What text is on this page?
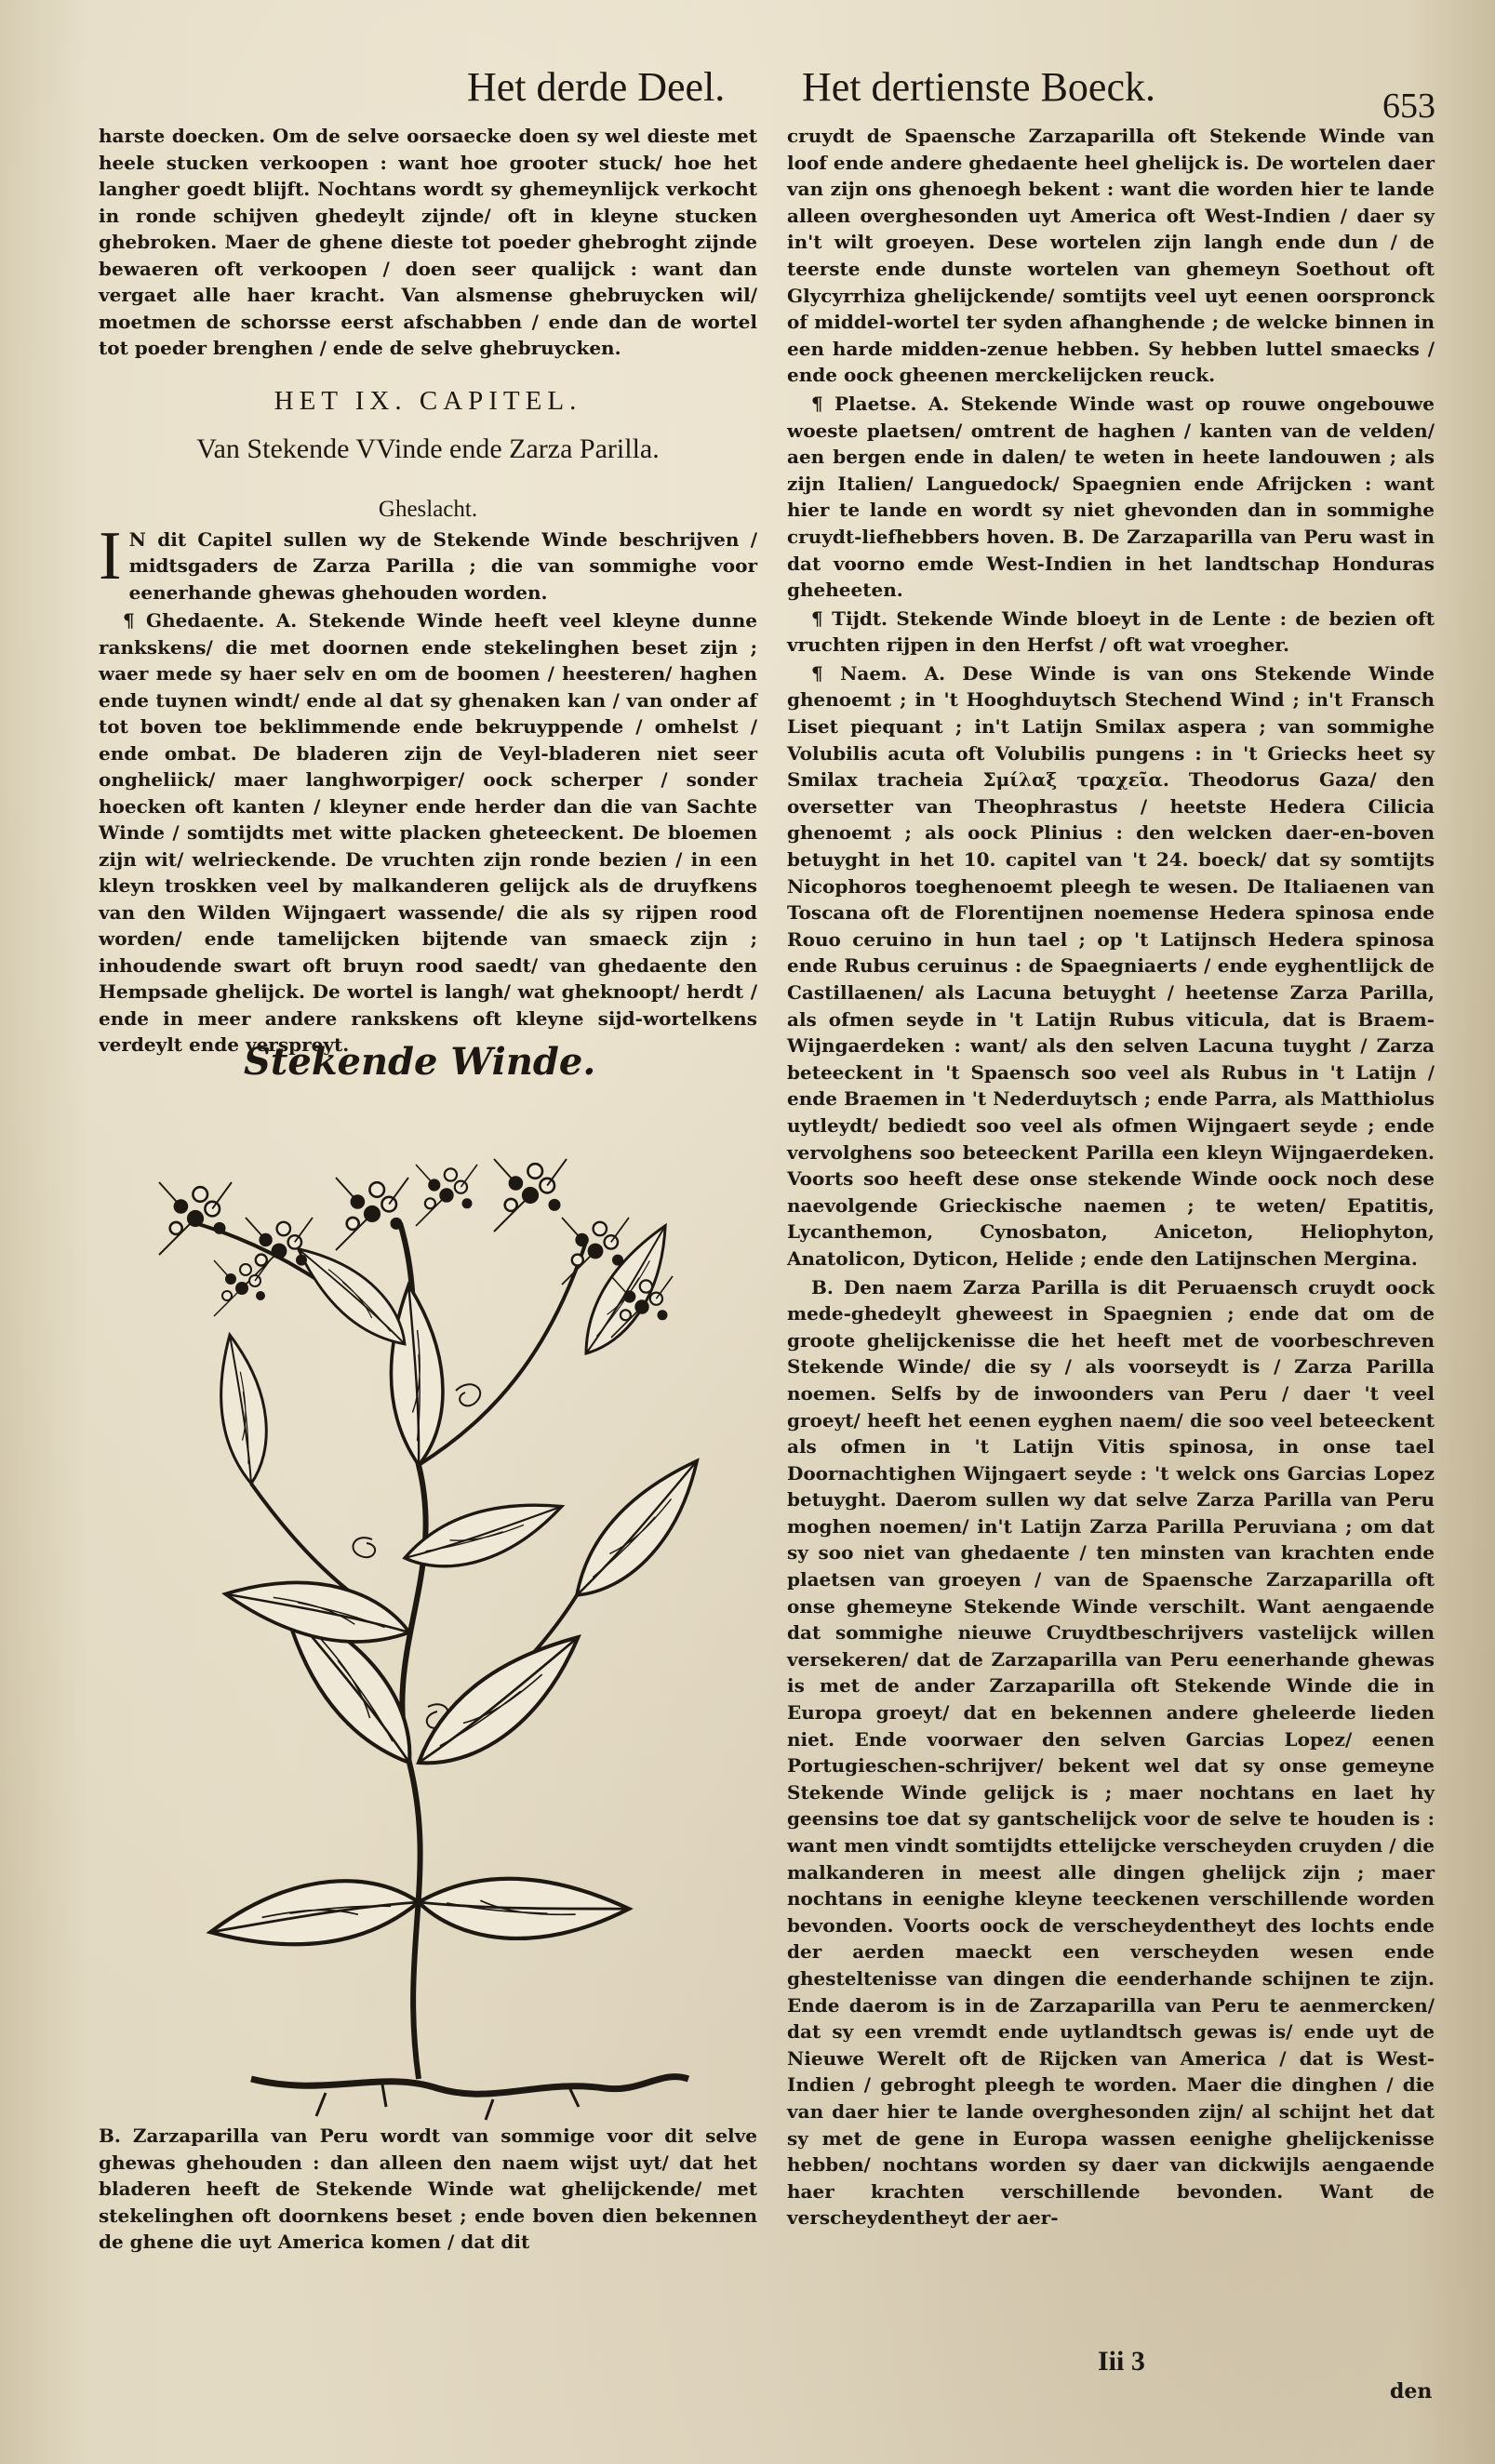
Het derde Deel. Het dertienste Boeck.	653

harste doecken. Om de selve oorsaecke doen sy wel dieste met heele stucken verkoopen : want hoe grooter stuck/ hoe het langher goedt blijft. Nochtans wordt sy ghemeynlijck verkocht in ronde schijven ghedeylt zijnde/ oft in kleyne stucken ghebroken. Maer de ghene dieste tot poeder ghebroght zijnde bewaeren oft verkoopen / doen seer qualijck : want dan vergaet alle haer kracht. Van alsmense ghebruycken wil/ moetmen de schorsse eerst afschabben / ende dan de wortel tot poeder brenghen / ende de selve ghebruycken.

HET IX. CAPITEL.
Van Stekende VVinde ende Zarza Parilla.
Gheslacht.
I N dit Capitel sullen wy de Stekende Winde beschrijven / midtsgaders de Zarza Parilla ; die van sommighe voor eenerhande ghewas ghehouden worden.

¶ Ghedaente. A. Stekende Winde heeft veel kleyne dunne rankskens/ die met doornen ende stekelinghen beset zijn ; waer mede sy haer selv en om de boomen / heesteren/ haghen ende tuynen windt/ ende al dat sy ghenaken kan / van onder af tot boven toe beklimmende ende bekruyppende / omhelst / ende ombat. De bladeren zijn de Veyl-bladeren niet seer ongheliick/ maer langhworpiger/ oock scherper / sonder hoecken oft kanten / kleyner ende herder dan die van Sachte Winde / somtijdts met witte placken gheteeckent. De bloemen zijn wit/ welrieckende. De vruchten zijn ronde bezien / in een kleyn troskken veel by malkanderen gelijck als de druyfkens van den Wilden Wijngaert wassende/ die als sy rijpen rood worden/ ende tamelijcken bijtende van smaeck zijn ; inhoudende swart oft bruyn rood saedt/ van ghedaente den Hempsade ghelijck. De wortel is langh/ wat gheknoopt/ herdt / ende in meer andere rankskens oft kleyne sijd-wortelkens verdeylt ende verspreyt.

Stekende Winde.

B. Zarzaparilla van Peru wordt van sommige voor dit selve ghewas ghehouden : dan alleen den naem wijst uyt/ dat het bladeren heeft de Stekende Winde wat ghelijckende/ met stekelinghen oft doornkens beset ; ende boven dien bekennen de ghene die uyt America komen / dat dit

cruydt de Spaensche Zarzaparilla oft Stekende Winde van loof ende andere ghedaente heel ghelijck is. De wortelen daer van zijn ons ghenoegh bekent : want die worden hier te lande alleen overghesonden uyt America oft West-Indien / daer sy in't wilt groeyen. Dese wortelen zijn langh ende dun / de teerste ende dunste wortelen van ghemeyn Soethout oft Glycyrrhiza ghelijckende/ somtijts veel uyt eenen oorspronck of middel-wortel ter syden afhanghende ; de welcke binnen in een harde midden-zenue hebben. Sy hebben luttel smaecks / ende oock gheenen merckelijcken reuck.

¶ Plaetse. A. Stekende Winde wast op rouwe ongebouwe woeste plaetsen/ omtrent de haghen / kanten van de velden/ aen bergen ende in dalen/ te weten in heete landouwen ; als zijn Italien/ Languedock/ Spaegnien ende Afrijcken : want hier te lande en wordt sy niet ghevonden dan in sommighe cruydt-liefhebbers hoven. B. De Zarzaparilla van Peru wast in dat voorno emde West-Indien in het landtschap Honduras gheheeten.

¶ Tijdt. Stekende Winde bloeyt in de Lente : de bezien oft vruchten rijpen in den Herfst / oft wat vroegher.

¶ Naem. A. Dese Winde is van ons Stekende Winde ghenoemt ; in 't Hooghduytsch Stechend Wind ; in't Fransch Liset piequant ; in't Latijn Smilax aspera ; van sommighe Volubilis acuta oft Volubilis pungens : in 't Griecks heet sy Smilax tracheia Σμίλαξ τραχεῖα. Theodorus Gaza/ den oversetter van Theophrastus / heetste Hedera Cilicia ghenoemt ; als oock Plinius : den welcken daer-en-boven betuyght in het 10. capitel van 't 24. boeck/ dat sy somtijts Nicophoros toeghenoemt pleegh te wesen. De Italiaenen van Toscana oft de Florentijnen noemense Hedera spinosa ende Rouo ceruino in hun tael ; op 't Latijnsch Hedera spinosa ende Rubus ceruinus : de Spaegniaerts / ende eyghentlijck de Castillaenen/ als Lacuna betuyght / heetense Zarza Parilla, als ofmen seyde in 't Latijn Rubus viticula, dat is Braem-Wijngaerdeken : want/ als den selven Lacuna tuyght / Zarza beteeckent in 't Spaensch soo veel als Rubus in 't Latijn / ende Braemen in 't Nederduytsch ; ende Parra, als Matthiolus uytleydt/ bediedt soo veel als ofmen Wijngaert seyde ; ende vervolghens soo beteeckent Parilla een kleyn Wijngaerdeken. Voorts soo heeft dese onse stekende Winde oock noch dese naevolgende Grieckische naemen ; te weten/ Epatitis, Lycanthemon, Cynosbaton, Aniceton, Heliophyton, Anatolicon, Dyticon, Helide ; ende den Latijnschen Mergina.

B. Den naem Zarza Parilla is dit Peruaensch cruydt oock mede-ghedeylt gheweest in Spaegnien ; ende dat om de groote ghelijckenisse die het heeft met de voorbeschreven Stekende Winde/ die sy / als voorseydt is / Zarza Parilla noemen. Selfs by de inwoonders van Peru / daer 't veel groeyt/ heeft het eenen eyghen naem/ die soo veel beteeckent als ofmen in 't Latijn Vitis spinosa, in onse tael Doornachtighen Wijngaert seyde : 't welck ons Garcias Lopez betuyght. Daerom sullen wy dat selve Zarza Parilla van Peru moghen noemen/ in't Latijn Zarza Parilla Peruviana ; om dat sy soo niet van ghedaente / ten minsten van krachten ende plaetsen van groeyen / van de Spaensche Zarzaparilla oft onse ghemeyne Stekende Winde verschilt. Want aengaende dat sommighe nieuwe Cruydtbeschrijvers vastelijck willen versekeren/ dat de Zarzaparilla van Peru eenerhande ghewas is met de ander Zarzaparilla oft Stekende Winde die in Europa groeyt/ dat en bekennen andere gheleerde lieden niet. Ende voorwaer den selven Garcias Lopez/ eenen Portugieschen-schrijver/ bekent wel dat sy onse gemeyne Stekende Winde gelijck is ; maer nochtans en laet hy geensins toe dat sy gantschelijck voor de selve te houden is : want men vindt somtijdts ettelijcke verscheyden cruyden / die malkanderen in meest alle dingen ghelijck zijn ; maer nochtans in eenighe kleyne teeckenen verschillende worden bevonden. Voorts oock de verscheydentheyt des lochts ende der aerden maeckt een verscheyden wesen ende ghesteltenisse van dingen die eenderhande schijnen te zijn. Ende daerom is in de Zarzaparilla van Peru te aenmercken/ dat sy een vremdt ende uytlandtsch gewas is/ ende uyt de Nieuwe Werelt oft de Rijcken van America / dat is West-Indien / gebroght pleegh te worden. Maer die dinghen / die van daer hier te lande overghesonden zijn/ al schijnt het dat sy met de gene in Europa wassen eenighe ghelijckenisse hebben/ nochtans worden sy daer van dickwijls aengaende haer krachten verschillende bevonden. Want de verscheydentheyt der aer-

Iii 3
den
